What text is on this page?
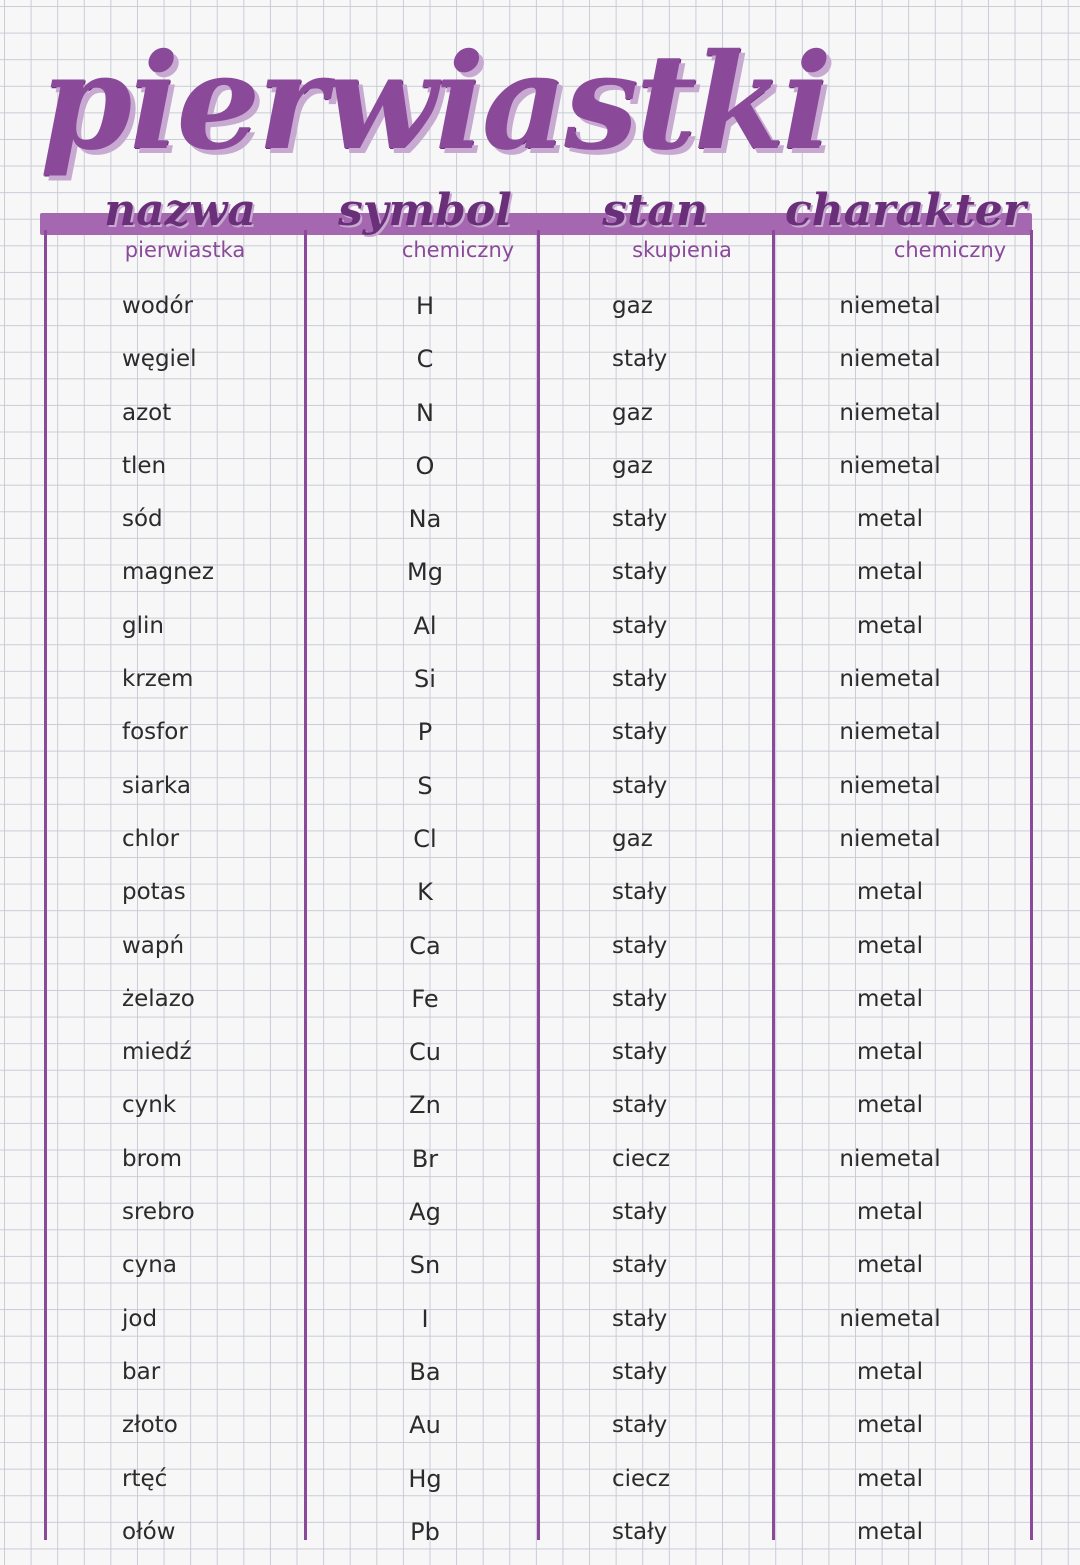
pierwiastki
nazwa	symbol	stan	charakter
pierwiastka	chemiczny	skupienia	chemiczny
wodór	H	gaz	niemetal
węgiel	C	stały	niemetal
azot	N	gaz	niemetal
tlen	O	gaz	niemetal
sód	Na	stały	metal
magnez	Mg	stały	metal
glin	Al	stały	metal
krzem	Si	stały	niemetal
fosfor	P	stały	niemetal
siarka	S	stały	niemetal
chlor	Cl	gaz	niemetal
potas	K	stały	metal
wapń	Ca	stały	metal
żelazo	Fe	stały	metal
miedź	Cu	stały	metal
cynk	Zn	stały	metal
brom	Br	ciecz	niemetal
srebro	Ag	stały	metal
cyna	Sn	stały	metal
jod	I	stały	niemetal
bar	Ba	stały	metal
złoto	Au	stały	metal
rtęć	Hg	ciecz	metal
ołów	Pb	stały	metal
